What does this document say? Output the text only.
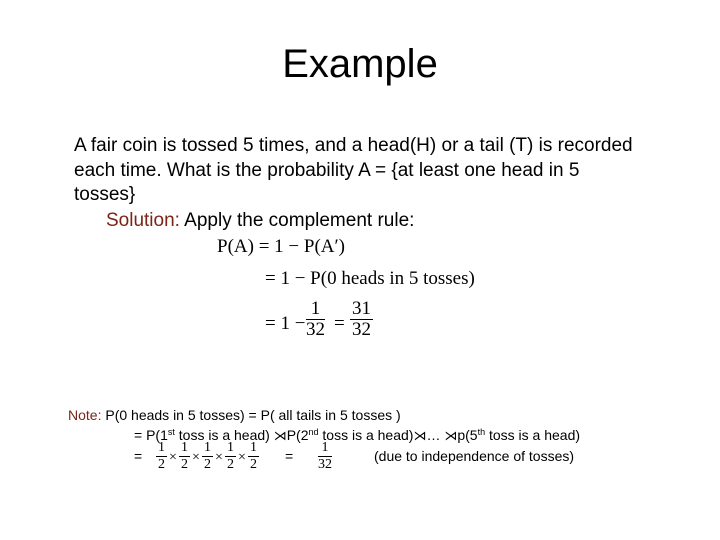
Example
A fair coin is tossed 5 times, and a head(H) or a tail (T) is recorded
each time. What is the probability A = {at least one head in 5
tosses}
Solution: Apply the complement rule:
P(A) = 1 − P(A′)
= 1 − P(0 heads in 5 tosses)
= $1 - \frac{1}{32} = \frac{31}{32}$
Note: P(0 heads in 5 tosses) = P( all tails in 5 tosses )
= P(1st toss is a head) ⋊P(2nd toss is a head)⋊… ⋊p(5th toss is a head)
= $\frac{1}{2} \times \frac{1}{2} \times \frac{1}{2} \times \frac{1}{2} \times \frac{1}{2} = \frac{1}{32}$	(due to independence of tosses)
